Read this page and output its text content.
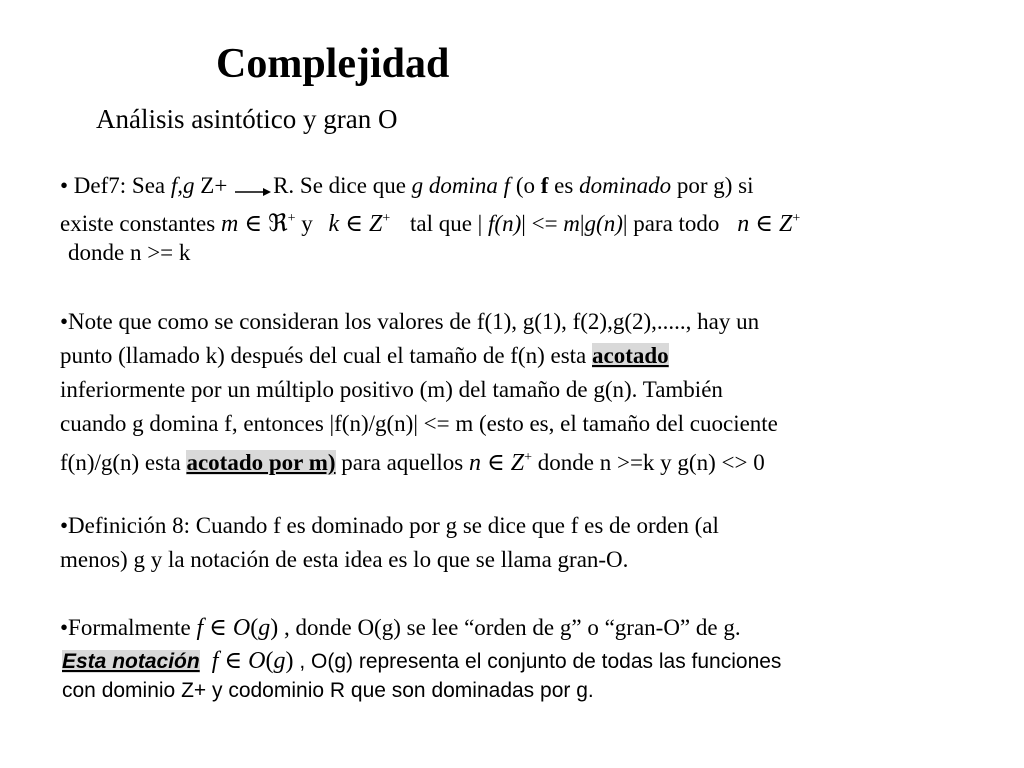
Complejidad
Análisis asintótico y gran O
• Def7: Sea f,g Z+ R. Se dice que g domina f (o f es dominado por g) si
existe constantes m ∈ ℜ+ y k ∈ Z+ tal que | f(n)| <= m|g(n)| para todo n ∈ Z+
donde n >= k
•Note que como se consideran los valores de f(1), g(1), f(2),g(2),....., hay un
punto (llamado k) después del cual el tamaño de f(n) esta acotado
inferiormente por un múltiplo positivo (m) del tamaño de g(n). También
cuando g domina f, entonces |f(n)/g(n)| <= m (esto es, el tamaño del cuociente
f(n)/g(n) esta acotado por m) para aquellos n ∈ Z+ donde n >=k y g(n) <> 0
•Definición 8: Cuando f es dominado por g se dice que f es de orden (al
menos) g y la notación de esta idea es lo que se llama gran-O.
•Formalmente f ∈ O(g) , donde O(g) se lee “orden de g” o “gran-O” de g.
Esta notación f ∈ O(g) , O(g) representa el conjunto de todas las funciones
con dominio Z+ y codominio R que son dominadas por g.
